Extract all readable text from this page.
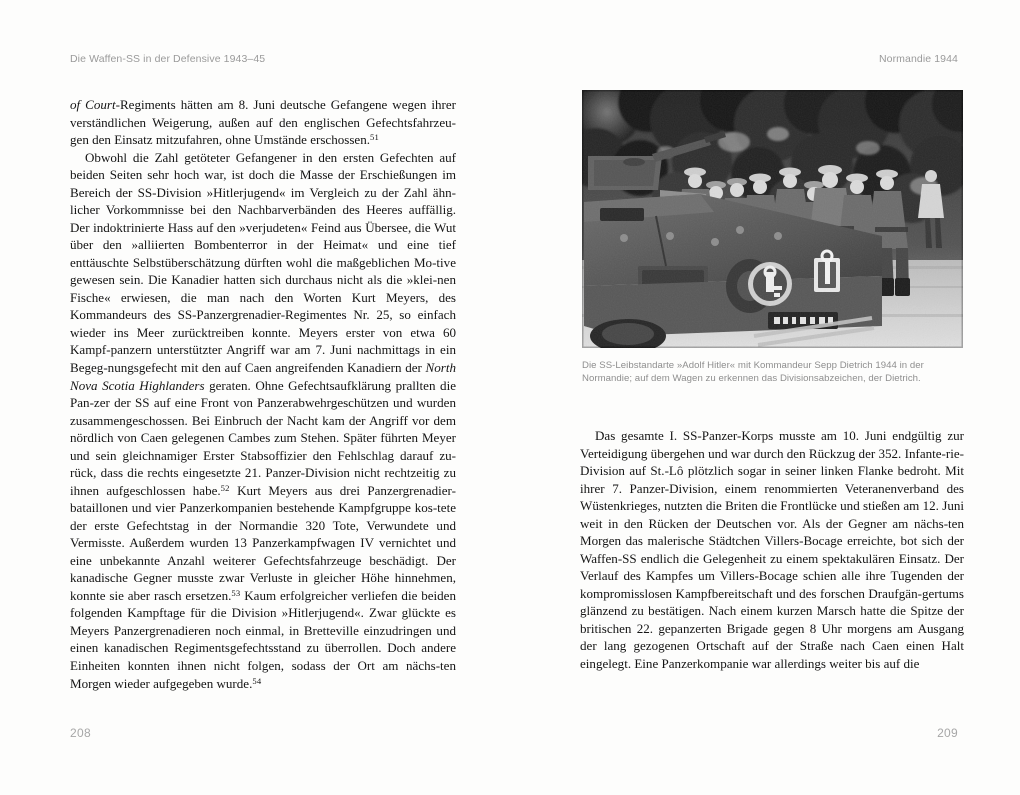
Die Waffen-SS in der Defensive 1943–45

of Court-Regiments hätten am 8. Juni deutsche Gefangene wegen ihrer verständlichen Weigerung, außen auf den englischen Gefechtsfahrzeu-gen den Einsatz mitzufahren, ohne Umstände erschossen.$^{51}$

Obwohl die Zahl getöteter Gefangener in den ersten Gefechten auf beiden Seiten sehr hoch war, ist doch die Masse der Erschießungen im Bereich der SS-Division »Hitlerjugend« im Vergleich zu der Zahl ähn-licher Vorkommnisse bei den Nachbarverbänden des Heeres auffällig. Der indoktrinierte Hass auf den »verjudeten« Feind aus Übersee, die Wut über den »alliierten Bombenterror in der Heimat« und eine tief enttäuschte Selbstüberschätzung dürften wohl die maßgeblichen Mo-tive gewesen sein. Die Kanadier hatten sich durchaus nicht als die »klei-nen Fische« erwiesen, die man nach den Worten Kurt Meyers, des Kommandeurs des SS-Panzergrenadier-Regimentes Nr. 25, so einfach wieder ins Meer zurücktreiben konnte. Meyers erster von etwa 60 Kampf-panzern unterstützter Angriff war am 7. Juni nachmittags in ein Begeg-nungsgefecht mit den auf Caen angreifenden Kanadiern der North Nova Scotia Highlanders geraten. Ohne Gefechtsaufklärung prallten die Pan-zer der SS auf eine Front von Panzerabwehrgeschützen und wurden zusammengeschossen. Bei Einbruch der Nacht kam der Angriff vor dem nördlich von Caen gelegenen Cambes zum Stehen. Später führten Meyer und sein gleichnamiger Erster Stabsoffizier den Fehlschlag darauf zu-rück, dass die rechts eingesetzte 21. Panzer-Division nicht rechtzeitig zu ihnen aufgeschlossen habe.$^{52}$ Kurt Meyers aus drei Panzergrenadier-bataillonen und vier Panzerkompanien bestehende Kampfgruppe kos-tete der erste Gefechtstag in der Normandie 320 Tote, Verwundete und Vermisste. Außerdem wurden 13 Panzerkampfwagen IV vernichtet und eine unbekannte Anzahl weiterer Gefechtsfahrzeuge beschädigt. Der kanadische Gegner musste zwar Verluste in gleicher Höhe hinnehmen, konnte sie aber rasch ersetzen.$^{53}$ Kaum erfolgreicher verliefen die beiden folgenden Kampftage für die Division »Hitlerjugend«. Zwar glückte es Meyers Panzergrenadieren noch einmal, in Bretteville einzudringen und einen kanadischen Regimentsgefechtsstand zu überrollen. Doch andere Einheiten konnten ihnen nicht folgen, sodass der Ort am nächs-ten Morgen wieder aufgegeben wurde.$^{54}$

208
Normandie 1944
Die SS-Leibstandarte »Adolf Hitler« mit Kommandeur Sepp Dietrich 1944 in der Normandie; auf dem Wagen zu erkennen das Divisionsabzeichen, der Dietrich.

Das gesamte I. SS-Panzer-Korps musste am 10. Juni endgültig zur Verteidigung übergehen und war durch den Rückzug der 352. Infante-rie-Division auf St.-Lô plötzlich sogar in seiner linken Flanke bedroht. Mit ihrer 7. Panzer-Division, einem renommierten Veteranenverband des Wüstenkrieges, nutzten die Briten die Frontlücke und stießen am 12. Juni weit in den Rücken der Deutschen vor. Als der Gegner am nächs-ten Morgen das malerische Städtchen Villers-Bocage erreichte, bot sich der Waffen-SS endlich die Gelegenheit zu einem spektakulären Einsatz. Der Verlauf des Kampfes um Villers-Bocage schien alle ihre Tugenden der kompromisslosen Kampfbereitschaft und des forschen Draufgän-gertums glänzend zu bestätigen. Nach einem kurzen Marsch hatte die Spitze der britischen 22. gepanzerten Brigade gegen 8 Uhr morgens am Ausgang der lang gezogenen Ortschaft auf der Straße nach Caen einen Halt eingelegt. Eine Panzerkompanie war allerdings weiter bis auf die

209
